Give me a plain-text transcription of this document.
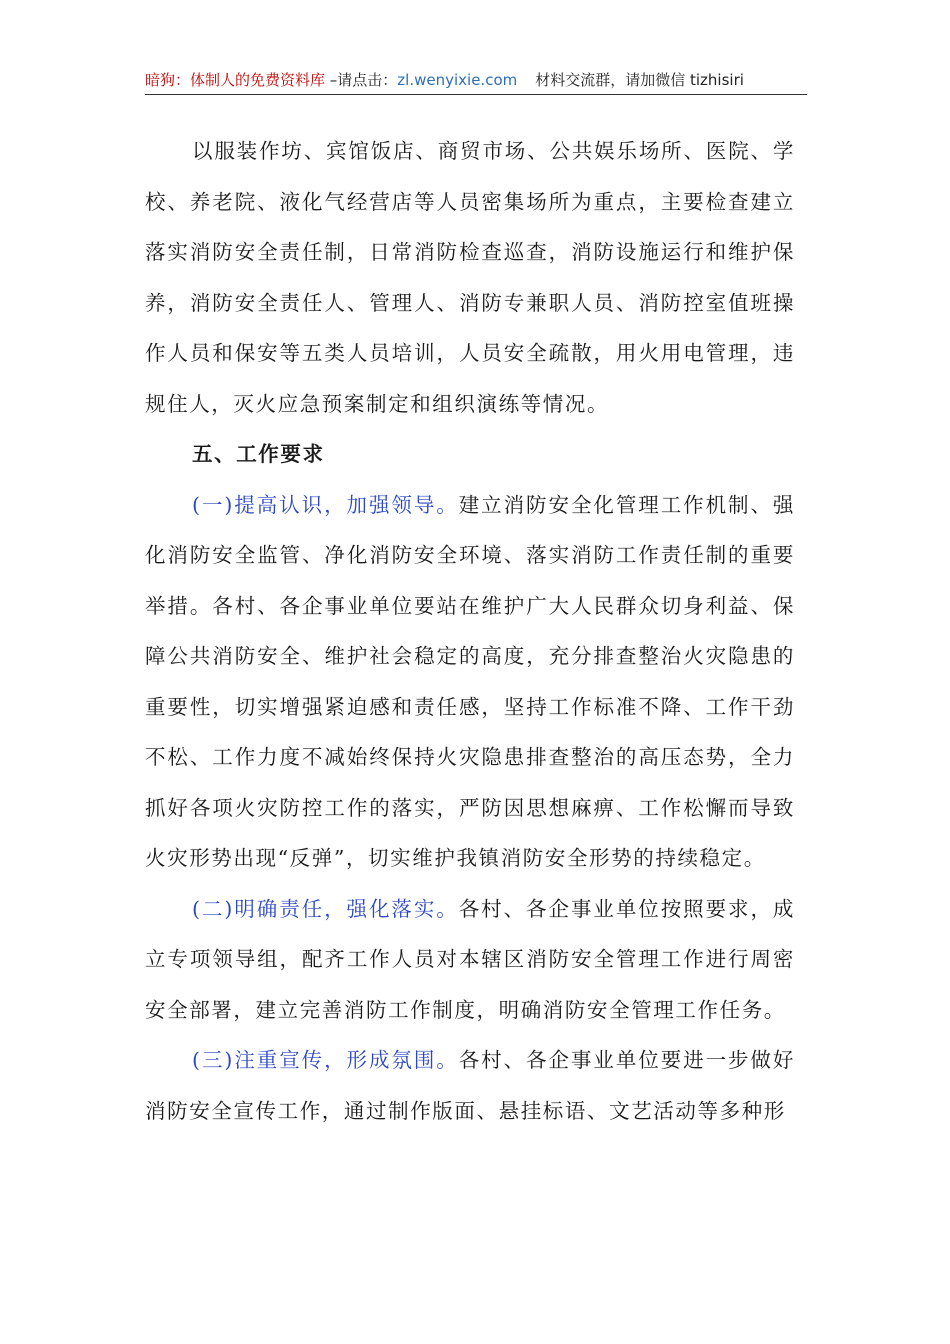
暗狗：体制人的免费资料库 –请点击：zl.wenyixie.com 材料交流群，请加微信 tizhisiri

以服装作坊、宾馆饭店、商贸市场、公共娱乐场所、医院、学校、养老院、液化气经营店等人员密集场所为重点，主要检查建立落实消防安全责任制，日常消防检查巡查，消防设施运行和维护保养，消防安全责任人、管理人、消防专兼职人员、消防控室值班操作人员和保安等五类人员培训，人员安全疏散，用火用电管理，违规住人，灭火应急预案制定和组织演练等情况。

五、工作要求

(一)提高认识，加强领导。建立消防安全化管理工作机制、强化消防安全监管、净化消防安全环境、落实消防工作责任制的重要举措。各村、各企事业单位要站在维护广大人民群众切身利益、保障公共消防安全、维护社会稳定的高度，充分排查整治火灾隐患的重要性，切实增强紧迫感和责任感，坚持工作标准不降、工作干劲不松、工作力度不减始终保持火灾隐患排查整治的高压态势，全力抓好各项火灾防控工作的落实，严防因思想麻痹、工作松懈而导致火灾形势出现“反弹”，切实维护我镇消防安全形势的持续稳定。

(二)明确责任，强化落实。各村、各企事业单位按照要求，成立专项领导组，配齐工作人员对本辖区消防安全管理工作进行周密安全部署，建立完善消防工作制度，明确消防安全管理工作任务。

(三)注重宣传，形成氛围。各村、各企事业单位要进一步做好消防安全宣传工作，通过制作版面、悬挂标语、文艺活动等多种形
